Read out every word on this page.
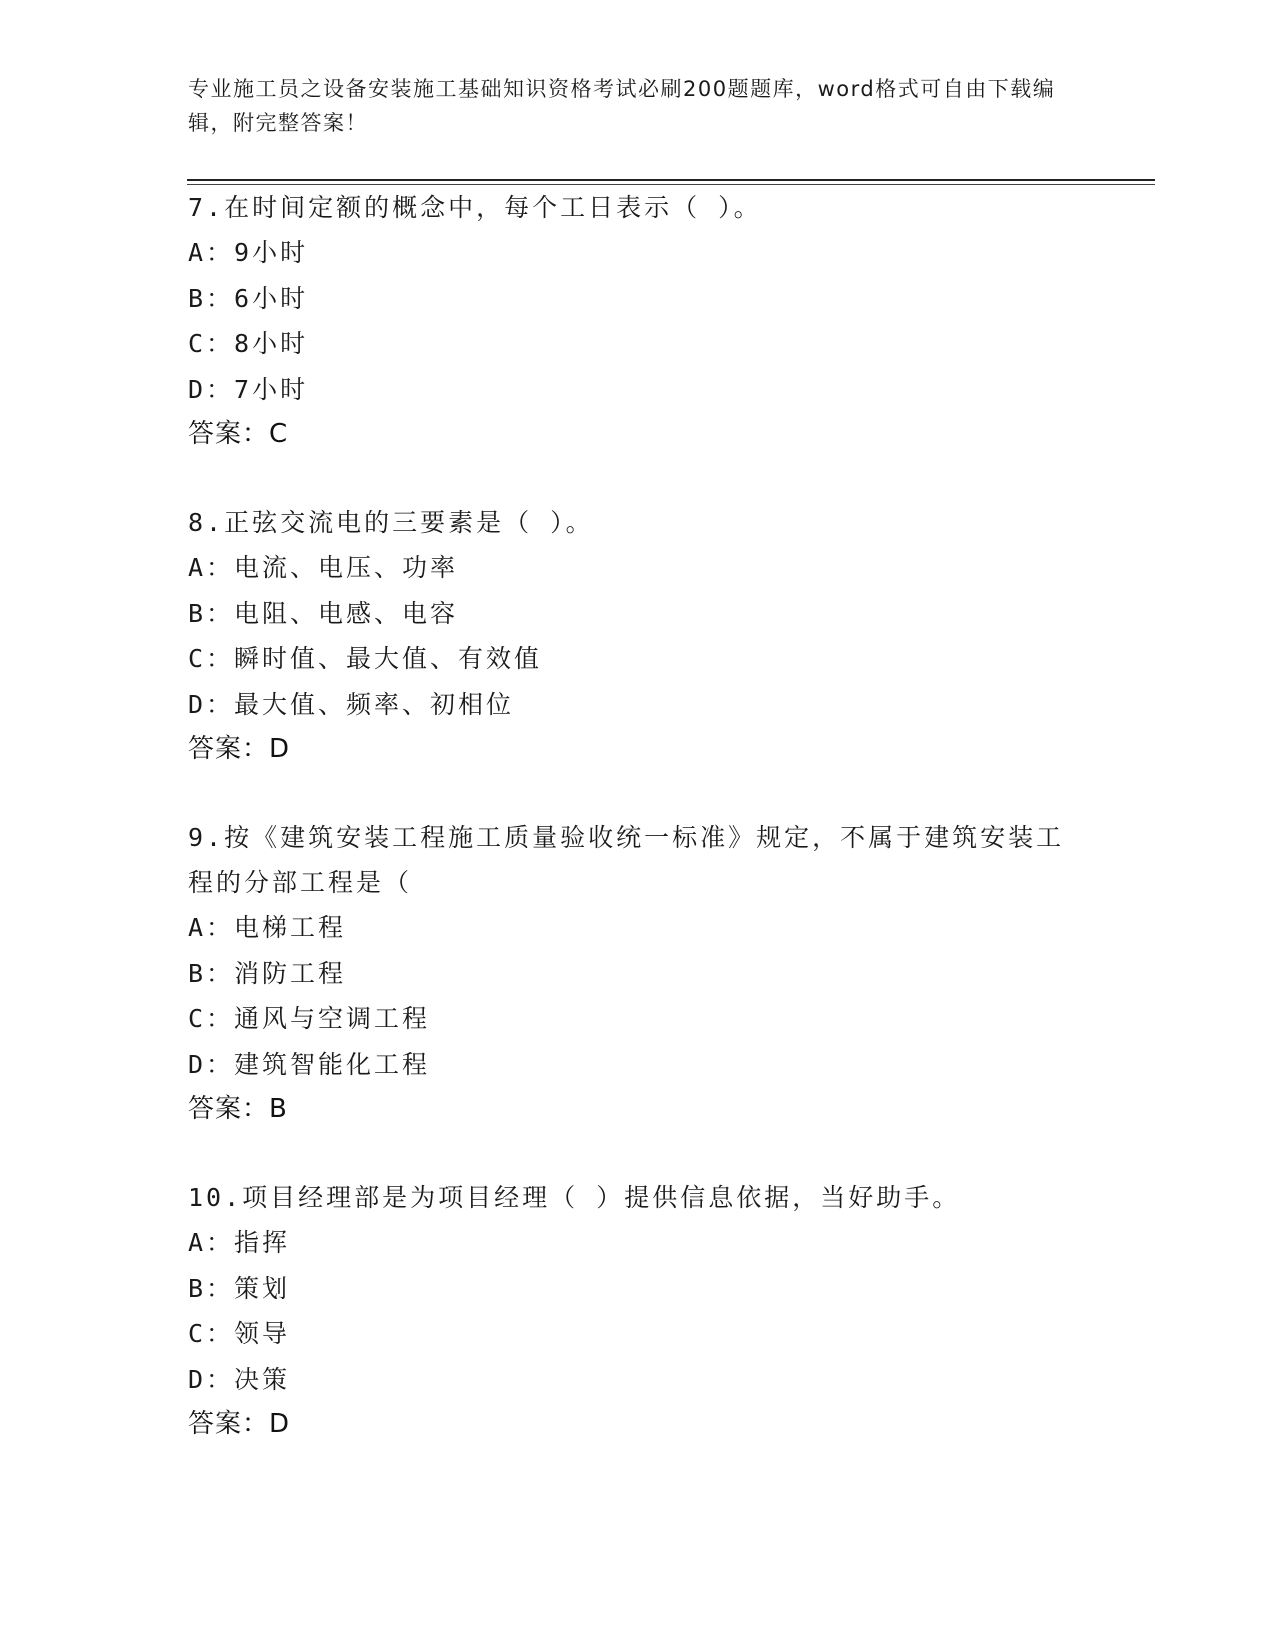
专业施工员之设备安装施工基础知识资格考试必刷200题题库，word格式可自由下载编辑，附完整答案！

7.在时间定额的概念中，每个工日表示（ ）。

A：9小时

B：6小时

C：8小时

D：7小时

答案：C

8.正弦交流电的三要素是（ ）。

A：电流、电压、功率

B：电阻、电感、电容

C：瞬时值、最大值、有效值

D：最大值、频率、初相位

答案：D

9.按《建筑安装工程施工质量验收统一标准》规定，不属于建筑安装工程的分部工程是（

A：电梯工程

B：消防工程

C：通风与空调工程

D：建筑智能化工程

答案：B

10.项目经理部是为项目经理（ ）提供信息依据，当好助手。

A：指挥

B：策划

C：领导

D：决策

答案：D
